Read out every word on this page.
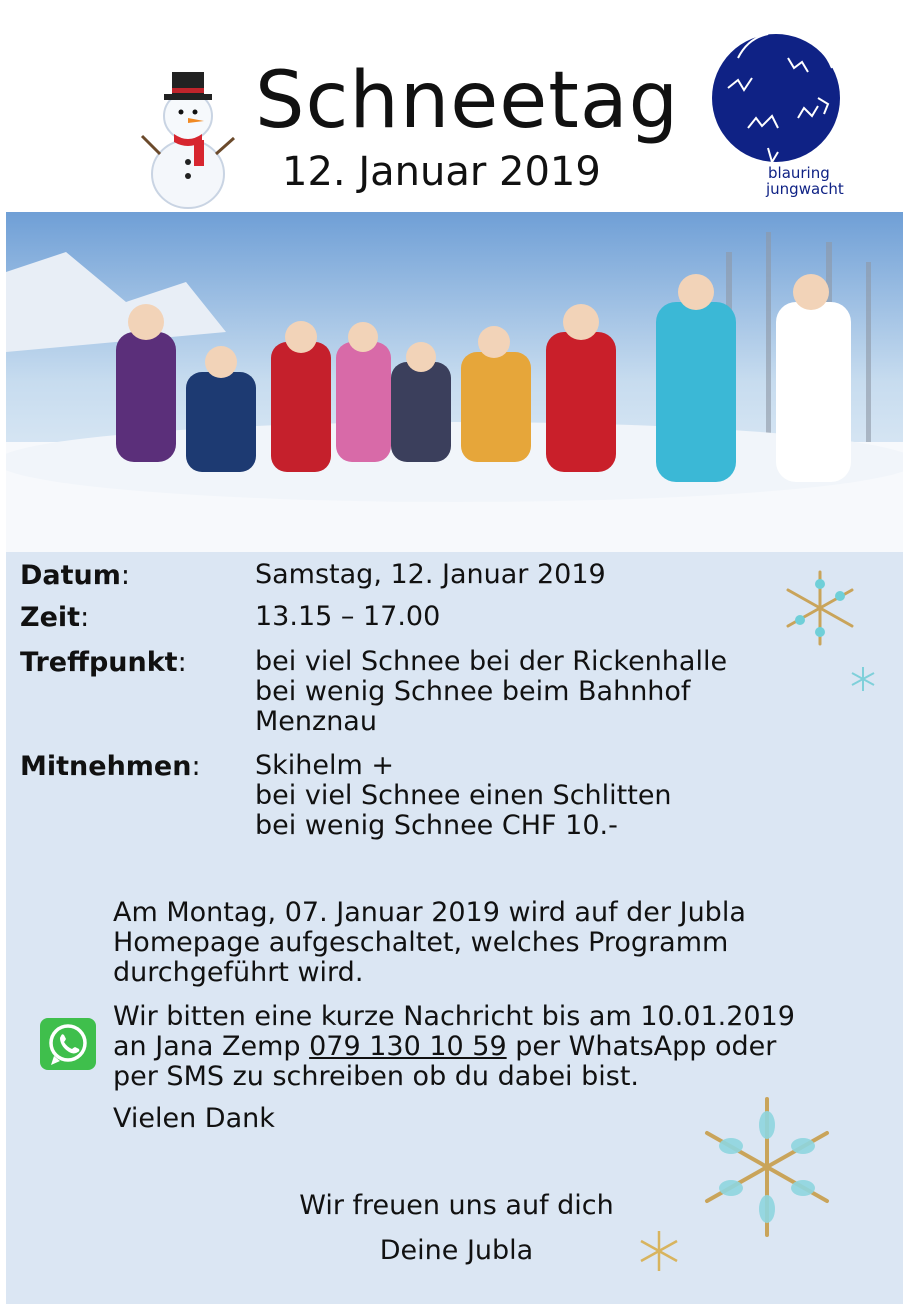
Schneetag
12. Januar 2019	blauring
jungwacht
Datum:	Samstag, 12. Januar 2019
Zeit:	13.15 – 17.00
Treffpunkt:	bei viel Schnee bei der Rickenhalle
bei wenig Schnee beim Bahnhof
Menznau
Mitnehmen: Skihelm +
bei viel Schnee einen Schlitten
bei wenig Schnee CHF 10.-
Am Montag, 07. Januar 2019 wird auf der Jubla
Homepage aufgeschaltet, welches Programm
durchgeführt wird.
Wir bitten eine kurze Nachricht bis am 10.01.2019
an Jana Zemp 079 130 10 59 per WhatsApp oder
per SMS zu schreiben ob du dabei bist.
Vielen Dank
Wir freuen uns auf dich
Deine Jubla
